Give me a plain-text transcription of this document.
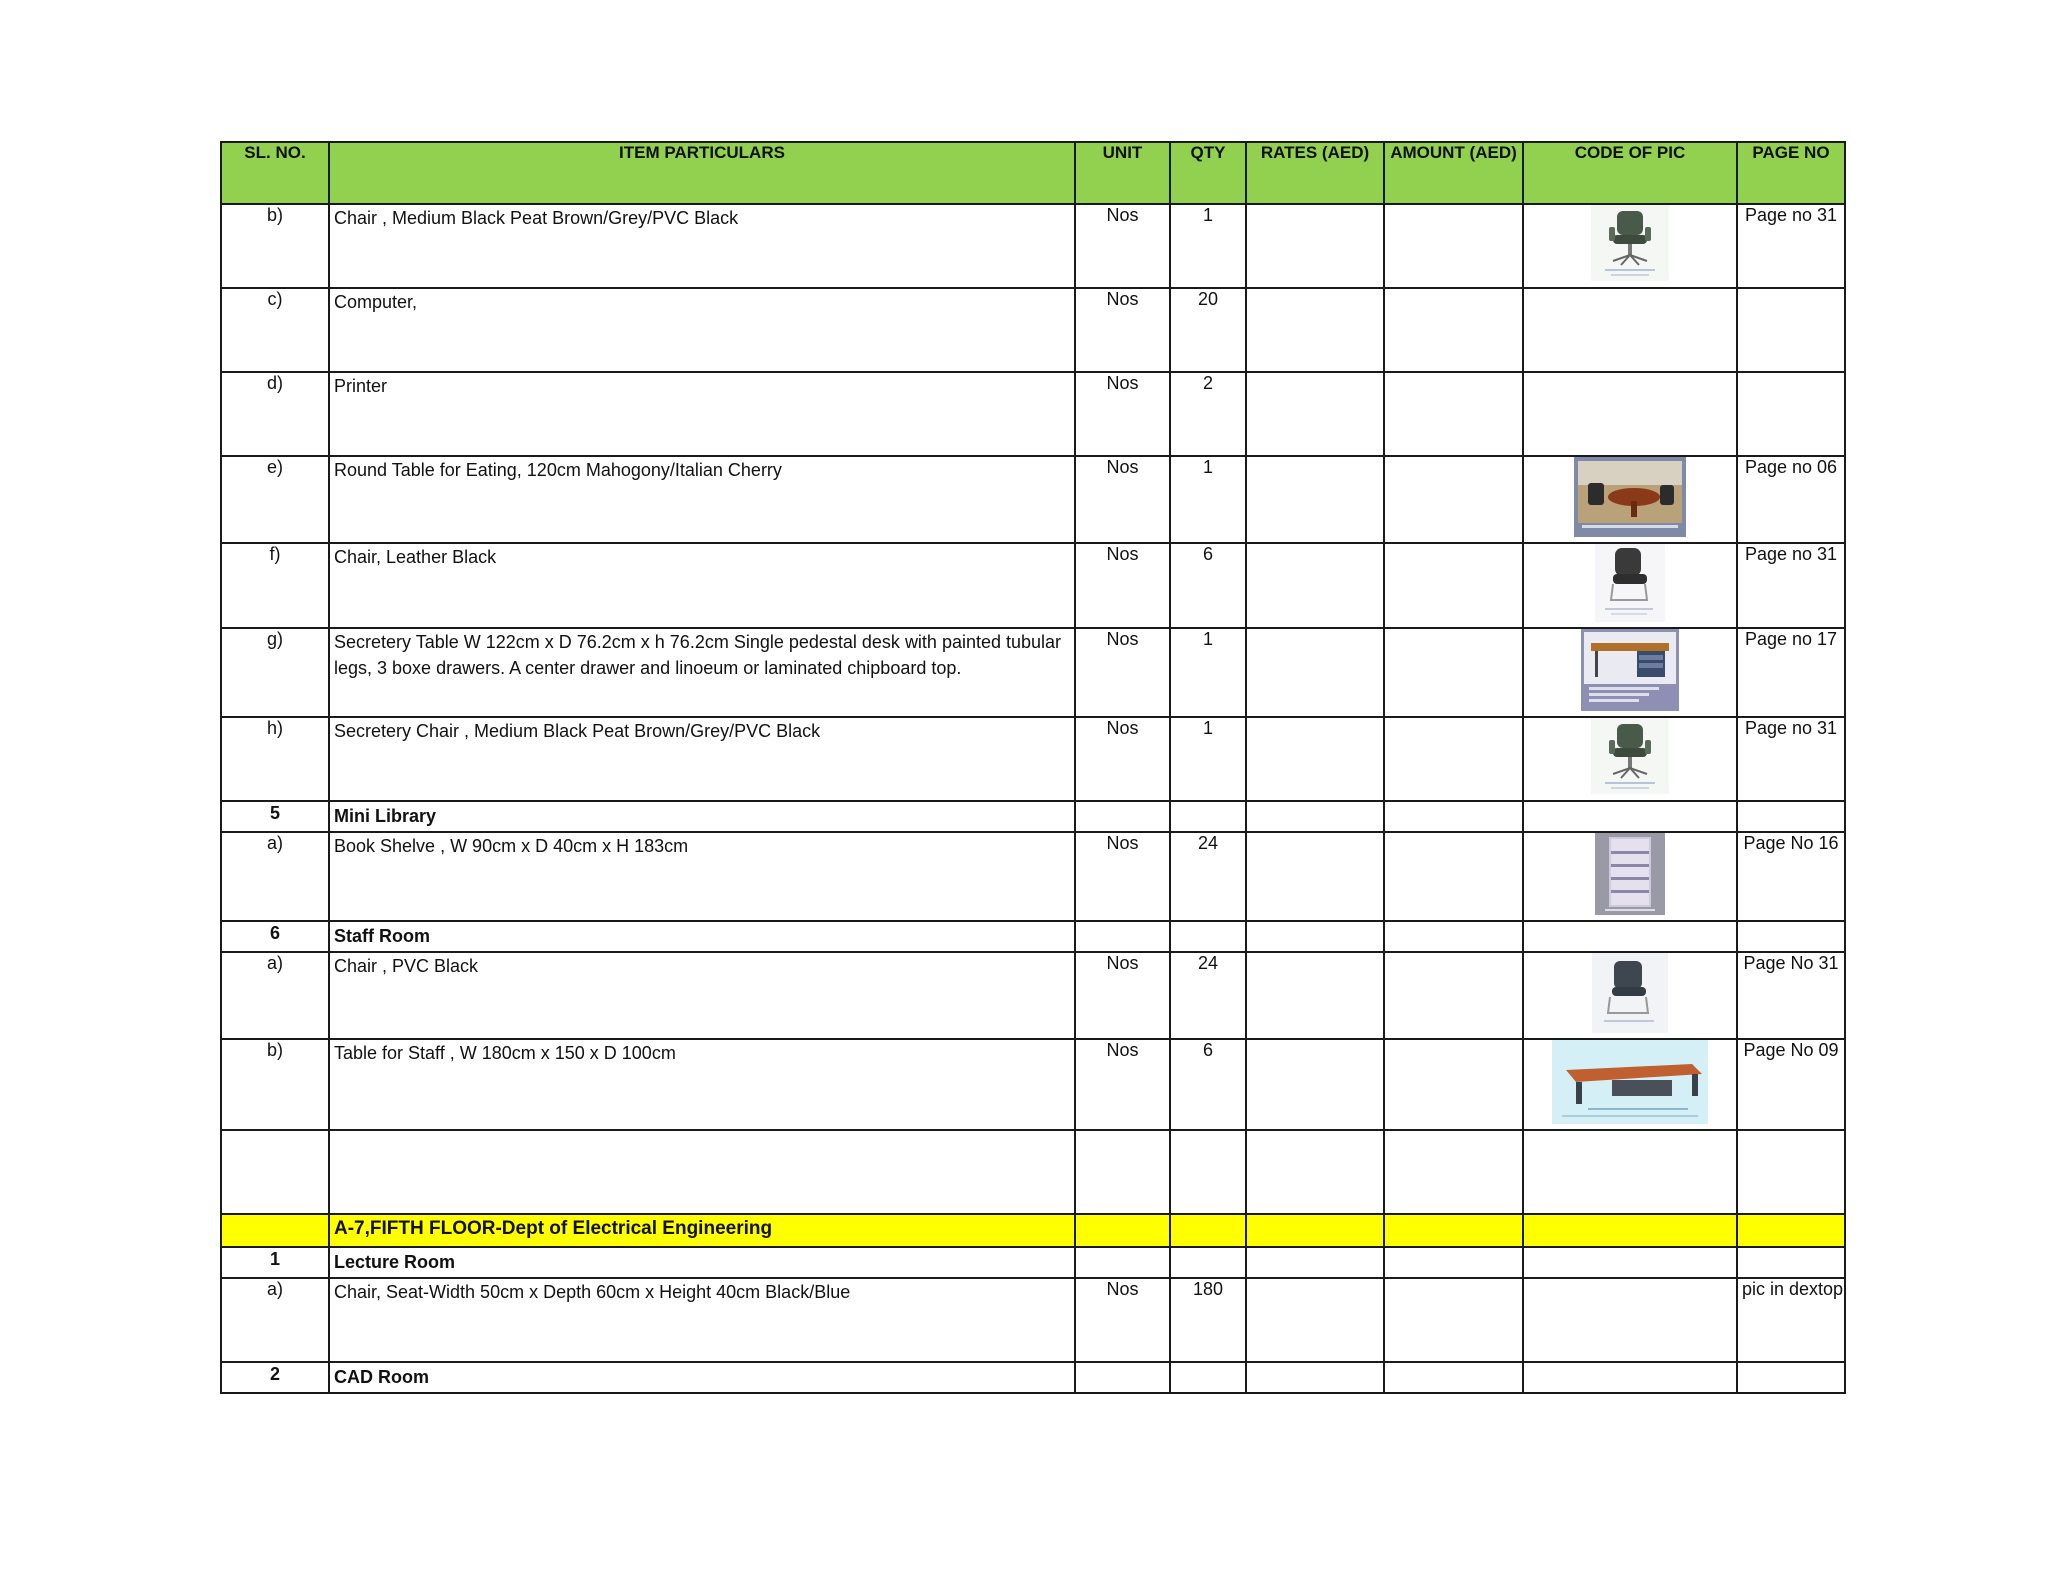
SL. NO.	ITEM PARTICULARS	UNIT	QTY	RATES (AED)	AMOUNT (AED)	CODE OF PIC	PAGE NO
b)	Chair , Medium Black Peat Brown/Grey/PVC Black	Nos	1				Page no 31
c)	Computer,	Nos	20				
d)	Printer	Nos	2				
e)	Round Table for Eating, 120cm Mahogony/Italian Cherry	Nos	1				Page no 06
f)	Chair, Leather Black	Nos	6				Page no 31
g)	Secretery Table W 122cm x D 76.2cm x h 76.2cm Single pedestal desk with painted tubular legs, 3 boxe drawers. A center drawer and linoeum or laminated chipboard top.	Nos	1				Page no 17
h)	Secretery Chair , Medium Black Peat Brown/Grey/PVC Black	Nos	1				Page no 31
5	Mini Library						
a)	Book Shelve , W 90cm x D 40cm x H 183cm	Nos	24				Page No 16
6	Staff Room						
a)	Chair , PVC Black	Nos	24				Page No 31
b)	Table for Staff , W 180cm x 150 x D 100cm	Nos	6				Page No 09

	A-7,FIFTH FLOOR-Dept of Electrical Engineering						
1	Lecture Room						
a)	Chair, Seat-Width 50cm x Depth 60cm x Height 40cm Black/Blue	Nos	180				pic in dextop
2	CAD Room						
